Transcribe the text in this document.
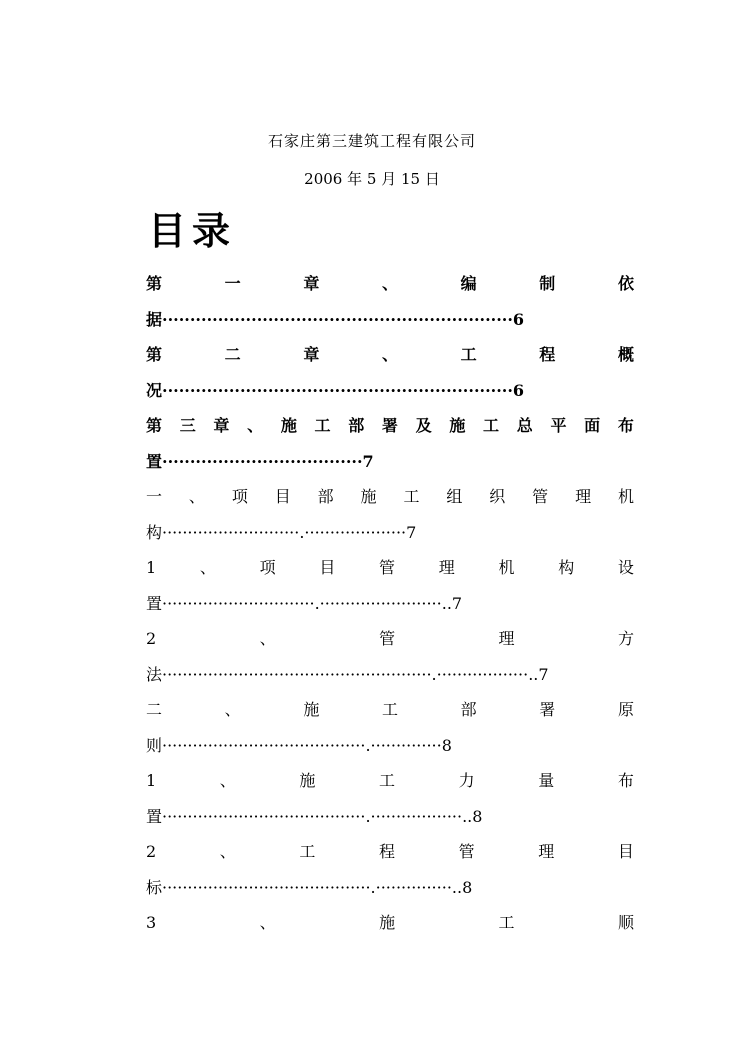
石家庄第三建筑工程有限公司
2006 年 5 月 15 日
目录
第	一	章	、	编	制	依
据·······························································6
第	二	章	、	工	程	概
况·······························································6
第 三 章 、 施 工 部 署 及 施 工 总 平 面 布
置····································7
一 、 项 目 部 施 工 组 织 管 理 机
构···························.····················7
1	、	项	目	管	理	机	构	设
置······························.························..7
2	、	管	理	方
法·····················································.··················..7
二	、	施	工	部	署	原
则········································.··············8
1	、	施	工	力	量	布
置········································.··················..8
2	、	工	程	管	理	目
标·········································.···············..8
3	、	施	工	顺
